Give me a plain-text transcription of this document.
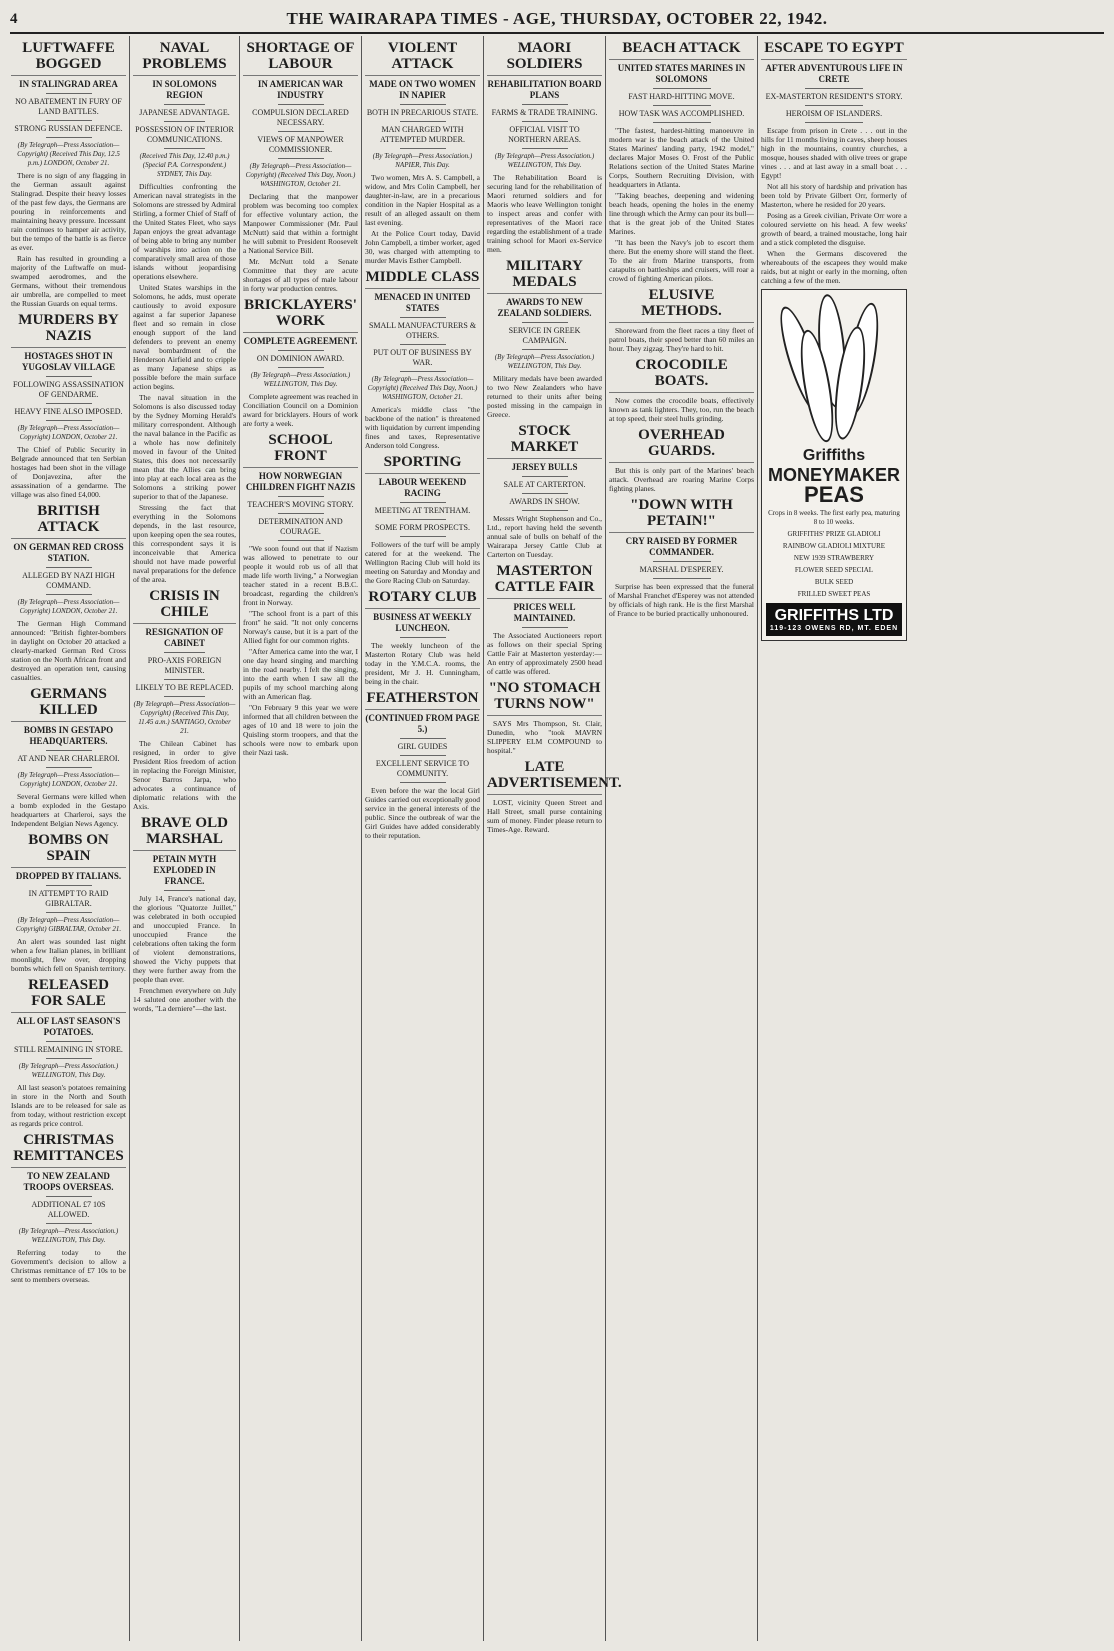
4	THE WAIRARAPA TIMES - AGE, THURSDAY, OCTOBER 22, 1942.
LUFTWAFFE BOGGED
IN STALINGRAD AREA
NO ABATEMENT IN FURY OF LAND BATTLES.
STRONG RUSSIAN DEFENCE.
(By Telegraph—Press Association—Copyright) (Received This Day, 12.5 p.m.) LONDON, October 21.

There is no sign of any flagging in the German assault against Stalingrad. Despite their heavy losses of the past few days, the Germans are pouring in reinforcements and maintaining heavy pressure. Incessant rain continues to hamper air activity, but the tempo of the battle is as fierce as ever.

Rain has resulted in grounding a majority of the Luftwaffe on mud-swamped aerodromes, and the Germans, without their tremendous air umbrella, are compelled to meet the Russian Guards on equal terms.

MURDERS BY NAZIS
HOSTAGES SHOT IN YUGOSLAV VILLAGE
FOLLOWING ASSASSINATION OF GENDARME.
HEAVY FINE ALSO IMPOSED.
(By Telegraph—Press Association—Copyright) LONDON, October 21.

The Chief of Public Security in Belgrade announced that ten Serbian hostages had been shot in the village of Donjavezina, after the assassination of a gendarme. The village was also fined £4,000.

BRITISH ATTACK
ON GERMAN RED CROSS STATION.
ALLEGED BY NAZI HIGH COMMAND.
(By Telegraph—Press Association—Copyright) LONDON, October 21.

The German High Command announced: "British fighter-bombers in daylight on October 20 attacked a clearly-marked German Red Cross station on the North African front and destroyed an operation tent, causing casualties.

GERMANS KILLED
BOMBS IN GESTAPO HEADQUARTERS.
AT AND NEAR CHARLEROI.
(By Telegraph—Press Association—Copyright) LONDON, October 21.

Several Germans were killed when a bomb exploded in the Gestapo headquarters at Charleroi, says the Independent Belgian News Agency.

BOMBS ON SPAIN
DROPPED BY ITALIANS.
IN ATTEMPT TO RAID GIBRALTAR.
(By Telegraph—Press Association—Copyright) GIBRALTAR, October 21.

An alert was sounded last night when a few Italian planes, in brilliant moonlight, flew over, dropping bombs which fell on Spanish territory.

RELEASED FOR SALE
ALL OF LAST SEASON'S POTATOES.
STILL REMAINING IN STORE.
(By Telegraph—Press Association.) WELLINGTON, This Day.

All last season's potatoes remaining in store in the North and South Islands are to be released for sale as from today, without restriction except as regards price control.

CHRISTMAS REMITTANCES
TO NEW ZEALAND TROOPS OVERSEAS.
ADDITIONAL £7 10S ALLOWED.
(By Telegraph—Press Association.) WELLINGTON, This Day.

Referring today to the Government's decision to allow a Christmas remittance of £7 10s to be sent to members overseas.

NAVAL PROBLEMS
IN SOLOMONS REGION
JAPANESE ADVANTAGE.
POSSESSION OF INTERIOR COMMUNICATIONS.
(Received This Day, 12.40 p.m.) (Special P.A. Correspondent.) SYDNEY, This Day.

Difficulties confronting the American naval strategists in the Solomons are stressed by Admiral Stirling, a former Chief of Staff of the United States Fleet, who says Japan enjoys the great advantage of being able to bring any number of warships into action on the comparatively small area of those islands without jeopardising operations elsewhere.

United States warships in the Solomons, he adds, must operate cautiously to avoid exposure against a far superior Japanese fleet and so remain in close enough support of the land defenders to prevent an enemy naval bombardment of the Henderson Airfield and to cripple as many Japanese ships as possible before the main surface action begins.

The naval situation in the Solomons is also discussed today by the Sydney Morning Herald's military correspondent. Although the naval balance in the Pacific as a whole has now definitely moved in favour of the United States, this does not necessarily mean that the Allies can bring into play at each local area as the Solomons a striking power superior to that of the Japanese.

Stressing the fact that everything in the Solomons depends, in the last resource, upon keeping open the sea routes, this correspondent says it is inconceivable that America should not have made powerful naval preparations for the defence of the area.

CRISIS IN CHILE
RESIGNATION OF CABINET
PRO-AXIS FOREIGN MINISTER.
LIKELY TO BE REPLACED.
(By Telegraph—Press Association—Copyright) (Received This Day, 11.45 a.m.) SANTIAGO, October 21.

The Chilean Cabinet has resigned, in order to give President Rios freedom of action in replacing the Foreign Minister, Senor Barros Jarpa, who advocates a continuance of diplomatic relations with the Axis.

BRAVE OLD MARSHAL
PETAIN MYTH EXPLODED IN FRANCE.

July 14, France's national day, the glorious "Quatorze Juillet," was celebrated in both occupied and unoccupied France. In unoccupied France the celebrations often taking the form of violent demonstrations, showed the Vichy puppets that they were further away from the people than ever.

Frenchmen everywhere on July 14 saluted one another with the words, "La derniere"—the last.

SHORTAGE OF LABOUR
IN AMERICAN WAR INDUSTRY
COMPULSION DECLARED NECESSARY.
VIEWS OF MANPOWER COMMISSIONER.
(By Telegraph—Press Association—Copyright) (Received This Day, Noon.) WASHINGTON, October 21.

Declaring that the manpower problem was becoming too complex for effective voluntary action, the Manpower Commissioner (Mr. Paul McNutt) said that within a fortnight he will submit to President Roosevelt a National Service Bill.

Mr. McNutt told a Senate Committee that they are acute shortages of all types of male labour in forty war production centres.

BRICKLAYERS' WORK
COMPLETE AGREEMENT.
ON DOMINION AWARD.
(By Telegraph—Press Association.) WELLINGTON, This Day.

Complete agreement was reached in Conciliation Council on a Dominion award for bricklayers. Hours of work are forty a week.

SCHOOL FRONT
HOW NORWEGIAN CHILDREN FIGHT NAZIS
TEACHER'S MOVING STORY.
DETERMINATION AND COURAGE.

"We soon found out that if Nazism was allowed to penetrate to our people it would rob us of all that made life worth living," a Norwegian teacher stated in a recent B.B.C. broadcast, regarding the children's front in Norway.

"The school front is a part of this front" he said. "It not only concerns Norway's cause, but it is a part of the Allied fight for our common rights.

"After America came into the war, I one day heard singing and marching in the road nearby. I felt the singing, into the earth when I saw all the pupils of my school marching along with an American flag.

"On February 9 this year we were informed that all children between the ages of 10 and 18 were to join the Quisling storm troopers, and that the schools were now to embark upon their Nazi task.

VIOLENT ATTACK
MADE ON TWO WOMEN IN NAPIER
BOTH IN PRECARIOUS STATE.
MAN CHARGED WITH ATTEMPTED MURDER.
(By Telegraph—Press Association.) NAPIER, This Day.

Two women, Mrs A. S. Campbell, a widow, and Mrs Colin Campbell, her daughter-in-law, are in a precarious condition in the Napier Hospital as a result of an alleged assault on them last evening.

At the Police Court today, David John Campbell, a timber worker, aged 30, was charged with attempting to murder Mavis Esther Campbell.

MIDDLE CLASS
MENACED IN UNITED STATES
SMALL MANUFACTURERS & OTHERS.
PUT OUT OF BUSINESS BY WAR.
(By Telegraph—Press Association—Copyright) (Received This Day, Noon.) WASHINGTON, October 21.

America's middle class "the backbone of the nation" is threatened with liquidation by current impending fines and taxes, Representative Anderson told Congress.

SPORTING
LABOUR WEEKEND RACING
MEETING AT TRENTHAM.
SOME FORM PROSPECTS.

Followers of the turf will be amply catered for at the weekend. The Wellington Racing Club will hold its meeting on Saturday and Monday and the Gore Racing Club on Saturday.

ROTARY CLUB
BUSINESS AT WEEKLY LUNCHEON.

The weekly luncheon of the Masterton Rotary Club was held today in the Y.M.C.A. rooms, the president, Mr J. H. Cunningham, being in the chair.

FEATHERSTON
(CONTINUED FROM PAGE 5.)
GIRL GUIDES
EXCELLENT SERVICE TO COMMUNITY.

Even before the war the local Girl Guides carried out exceptionally good service in the general interests of the public. Since the outbreak of war the Girl Guides have added considerably to their reputation.

MAORI SOLDIERS
REHABILITATION BOARD PLANS
FARMS & TRADE TRAINING.
OFFICIAL VISIT TO NORTHERN AREAS.
(By Telegraph—Press Association.) WELLINGTON, This Day.

The Rehabilitation Board is securing land for the rehabilitation of Maori returned soldiers and for Maoris who leave Wellington tonight to inspect areas and confer with representatives of the Maori race regarding the establishment of a trade training school for Maori ex-Service men.

MILITARY MEDALS
AWARDS TO NEW ZEALAND SOLDIERS.
SERVICE IN GREEK CAMPAIGN.
(By Telegraph—Press Association.) WELLINGTON, This Day.

Military medals have been awarded to two New Zealanders who have returned to their units after being posted missing in the campaign in Greece.

STOCK MARKET
JERSEY BULLS
SALE AT CARTERTON.
AWARDS IN SHOW.

Messrs Wright Stephenson and Co., Ltd., report having held the seventh annual sale of bulls on behalf of the Wairarapa Jersey Cattle Club at Carterton on Tuesday.

MASTERTON CATTLE FAIR
PRICES WELL MAINTAINED.

The Associated Auctioneers report as follows on their special Spring Cattle Fair at Masterton yesterday:—An entry of approximately 2500 head of cattle was offered.

"NO STOMACH TURNS NOW"

SAYS Mrs Thompson, St. Clair, Dunedin, who "took MAVRN SLIPPERY ELM COMPOUND to hospital."

LATE ADVERTISEMENT.

LOST, vicinity Queen Street and Hall Street, small purse containing sum of money. Finder please return to Times-Age. Reward.

BEACH ATTACK
UNITED STATES MARINES IN SOLOMONS
FAST HARD-HITTING MOVE.
HOW TASK WAS ACCOMPLISHED.

"The fastest, hardest-hitting manoeuvre in modern war is the beach attack of the United States Marines' landing party, 1942 model," declares Major Moses O. Frost of the Public Relations section of the United States Marine Corps, Southern Recruiting Division, with headquarters in Atlanta.

"Taking beaches, deepening and widening beach heads, opening the holes in the enemy line through which the Army can pour its bull—that is the great job of the United States Marines.

"It has been the Navy's job to escort them there. But the enemy shore will stand the fleet. To the air from Marine transports, from catapults on battleships and cruisers, will roar a crowd of fighting American pilots.

ELUSIVE METHODS.

Shoreward from the fleet races a tiny fleet of patrol boats, their speed better than 60 miles an hour. They zigzag. They're hard to hit.

CROCODILE BOATS.

Now comes the crocodile boats, effectively known as tank lighters. They, too, run the beach at top speed, their steel hulls grinding.

OVERHEAD GUARDS.

But this is only part of the Marines' beach attack. Overhead are roaring Marine Corps fighting planes.

"DOWN WITH PETAIN!"
CRY RAISED BY FORMER COMMANDER.
MARSHAL D'ESPEREY.

Surprise has been expressed that the funeral of Marshal Franchet d'Esperey was not attended by officials of high rank. He is the first Marshal of France to be buried practically unhonoured.

ESCAPE TO EGYPT
AFTER ADVENTUROUS LIFE IN CRETE
EX-MASTERTON RESIDENT'S STORY.
HEROISM OF ISLANDERS.

Escape from prison in Crete . . . out in the hills for 11 months living in caves, sheep houses high in the mountains, country churches, a mosque, houses shaded with olive trees or grape vines . . . and at last away in a small boat . . . Egypt!

Not all his story of hardship and privation has been told by Private Gilbert Orr, formerly of Masterton, where he resided for 20 years.

Posing as a Greek civilian, Private Orr wore a coloured serviette on his head. A few weeks' growth of beard, a trained moustache, long hair and a stick completed the disguise.

When the Germans discovered the whereabouts of the escapees they would make raids, but at night or early in the morning, often catching a few of the men.

Griffiths
MONEYMAKER
PEAS
Crops in 8 weeks. The first early pea, maturing 8 to 10 weeks.
GRIFFITHS' PRIZE GLADIOLI
RAINBOW GLADIOLI MIXTURE
NEW 1939 STRAWBERRY
FLOWER SEED SPECIAL
BULK SEED
FRILLED SWEET PEAS
GRIFFITHS LTD
119-123 OWENS RD, MT. EDEN
